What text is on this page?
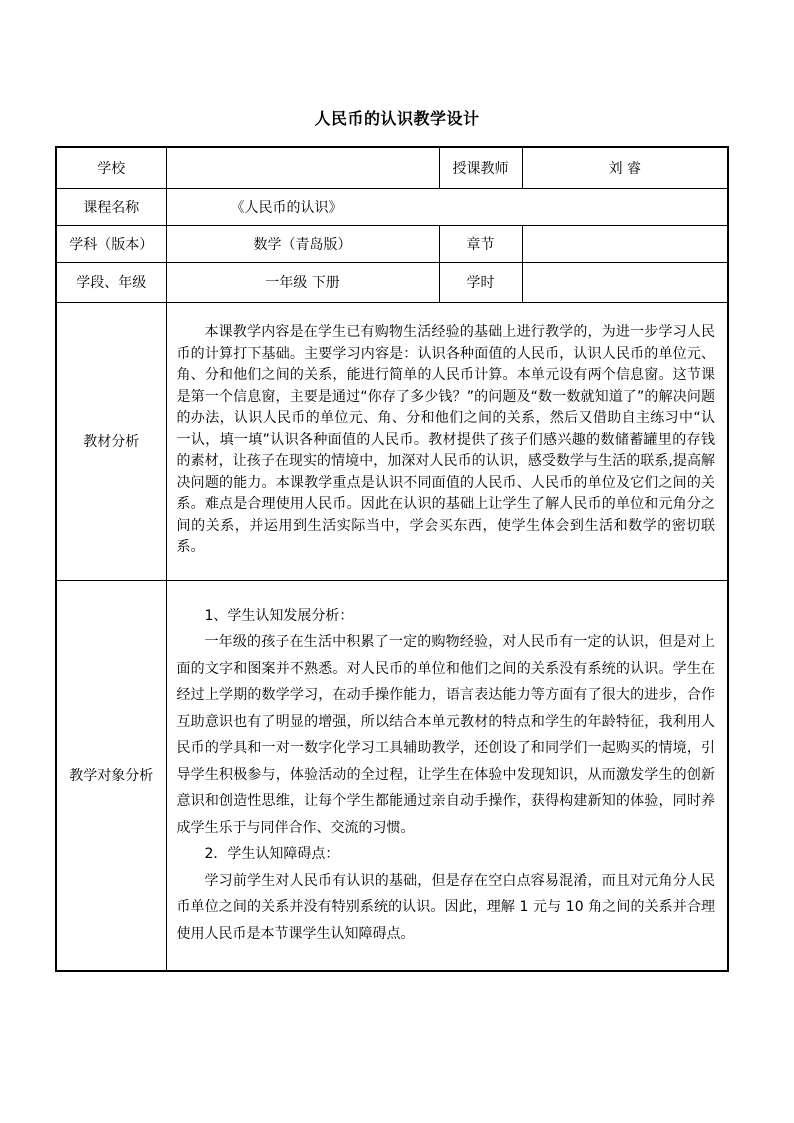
人民币的认识教学设计
学校		授课教师	刘 睿
课程名称	《人民币的认识》		
学科（版本）	数学（青岛版）	章节	
学段、年级	一年级 下册	学时	
教材分析	本课教学内容是在学生已有购物生活经验的基础上进行教学的，为进一步学习人民币的计算打下基础。主要学习内容是：认识各种面值的人民币，认识人民币的单位元、角、分和他们之间的关系，能进行简单的人民币计算。本单元设有两个信息窗。这节课是第一个信息窗，主要是通过“你存了多少钱？”的问题及“数一数就知道了”的解决问题的办法，认识人民币的单位元、角、分和他们之间的关系，然后又借助自主练习中“认一认，填一填”认识各种面值的人民币。教材提供了孩子们感兴趣的数储蓄罐里的存钱的素材，让孩子在现实的情境中，加深对人民币的认识，感受数学与生活的联系,提高解决问题的能力。本课教学重点是认识不同面值的人民币、人民币的单位及它们之间的关系。难点是合理使用人民币。因此在认识的基础上让学生了解人民币的单位和元角分之间的关系，并运用到生活实际当中，学会买东西，使学生体会到生活和数学的密切联系。		

教学对象分析	1、学生认知发展分析：

一年级的孩子在生活中积累了一定的购物经验，对人民币有一定的认识，但是对上面的文字和图案并不熟悉。对人民币的单位和他们之间的关系没有系统的认识。学生在经过上学期的数学学习，在动手操作能力，语言表达能力等方面有了很大的进步，合作互助意识也有了明显的增强，所以结合本单元教材的特点和学生的年龄特征，我利用人民币的学具和一对一数字化学习工具辅助教学，还创设了和同学们一起购买的情境，引导学生积极参与，体验活动的全过程，让学生在体验中发现知识，从而激发学生的创新意识和创造性思维，让每个学生都能通过亲自动手操作，获得构建新知的体验，同时养成学生乐于与同伴合作、交流的习惯。

2．学生认知障碍点：

学习前学生对人民币有认识的基础，但是存在空白点容易混淆，而且对元角分人民币单位之间的关系并没有特别系统的认识。因此，理解 1 元与 10 角之间的关系并合理使用人民币是本节课学生认知障碍点。		
